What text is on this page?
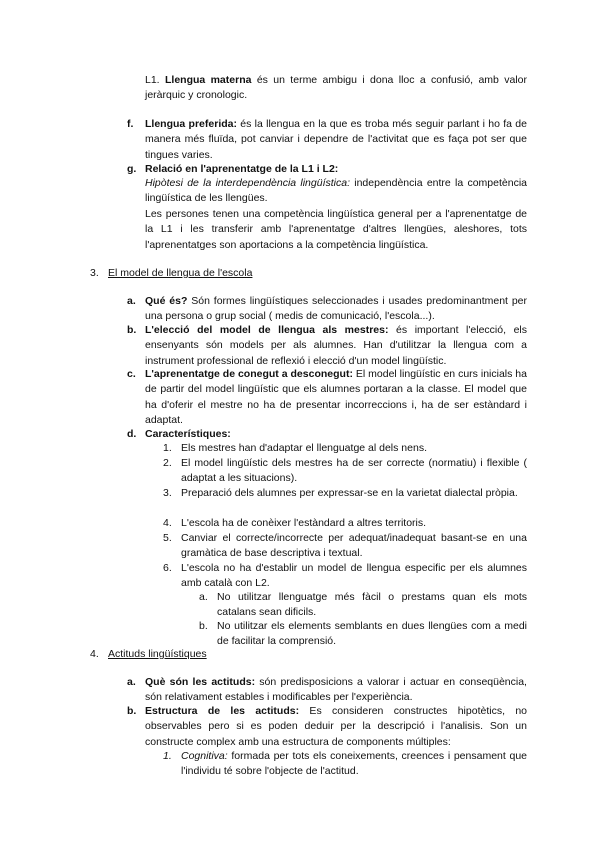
L1. Llengua materna és un terme ambigu i dona lloc a confusió, amb valor jeràrquic y cronologic.
f. Llengua preferida: és la llengua en la que es troba més seguir parlant i ho fa de manera més fluïda, pot canviar i dependre de l'activitat que es faça pot ser que tingues varies.
g. Relació en l'aprenentatge de la L1 i L2:
Hipòtesi de la interdependència lingüística: independència entre la competència lingüística de les llengües.
Les persones tenen una competència lingüística general per a l'aprenentatge de la L1 i les transferir amb l'aprenentatge d'altres llengües, aleshores, tots l'aprenentatges son aportacions a la competència lingüística.
3. El model de llengua de l'escola
a. Qué és? Són formes lingüístiques seleccionades i usades predominantment per una persona o grup social ( medis de comunicació, l'escola...).
b. L'elecció del model de llengua als mestres: és important l'elecció, els ensenyants són models per als alumnes. Han d'utilitzar la llengua com a instrument professional de reflexió i elecció d'un model lingüístic.
c. L'aprenentatge de conegut a desconegut: El model lingüístic en curs inicials ha de partir del model lingüístic que els alumnes portaran a la classe. El model que ha d'oferir el mestre no ha de presentar incorreccions i, ha de ser estàndard i adaptat.
d. Característiques:
1. Els mestres han d'adaptar el llenguatge al dels nens.
2. El model lingüístic dels mestres ha de ser correcte (normatiu) i flexible ( adaptat a les situacions).
3. Preparació dels alumnes per expressar-se en la varietat dialectal pròpia.
4. L'escola ha de conèixer l'estàndard a altres territoris.
5. Canviar el correcte/incorrecte per adequat/inadequat basant-se en una gramàtica de base descriptiva i textual.
6. L'escola no ha d'establir un model de llengua especific per els alumnes amb català con L2.
a. No utilitzar llenguatge més fàcil o prestams quan els mots catalans sean dificils.
b. No utilitzar els elements semblants en dues llengües com a medi de facilitar la comprensió.
4. Actituds lingüístiques
a. Què són les actituds: són predisposicions a valorar i actuar en conseqüència, són relativament estables i modificables per l'experiència.
b. Estructura de les actituds: Es consideren constructes hipotètics, no observables pero si es poden deduir per la descripció i l'analisis. Son un constructe complex amb una estructura de components múltiples:
1. Cognitiva: formada per tots els coneixements, creences i pensament que l'individu té sobre l'objecte de l'actitud.
